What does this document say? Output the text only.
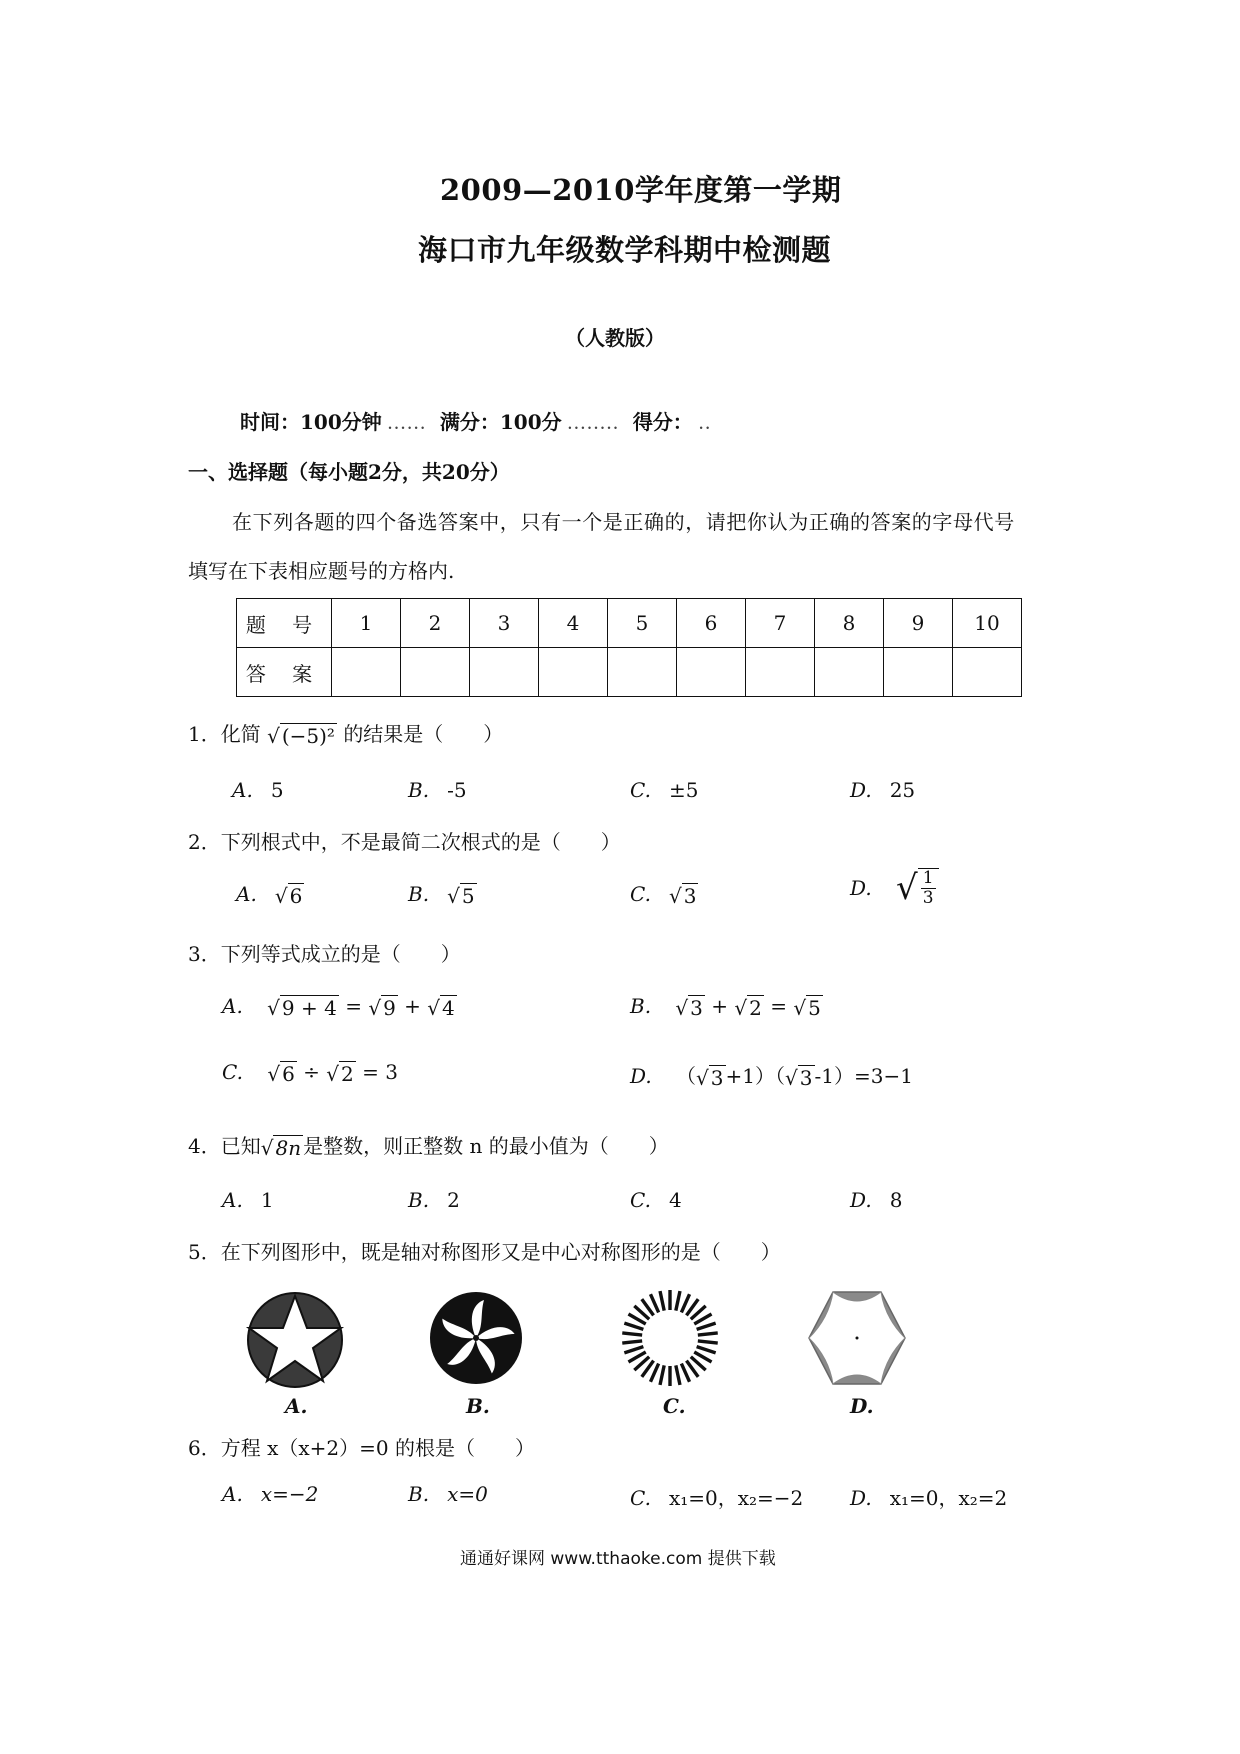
2009—2010学年度第一学期
海口市九年级数学科期中检测题
（人教版）
时间：100分钟 ...... 满分：100分 ........ 得分： ..
一、选择题（每小题2分，共20分）
在下列各题的四个备选答案中，只有一个是正确的，请把你认为正确的答案的字母代号
填写在下表相应题号的方格内.
题 号	1	2	3	4	5	6	7	8	9	10
答 案										
1．化简 √ (−5)² 的结果是（　　）
A. 5	B. -5	C. ±5	D. 25
2．下列根式中，不是最简二次根式的是（　　）
A. √ 6	B. √ 5	C. √ 3	D. √ $\frac{1}{3}$
3．下列等式成立的是（　　）
A. √ 9 + 4 = √ 9 + √ 4	B. √ 3 + √ 2 = √ 5
C. √ 6 ÷ √ 2 = 3	D. （√ 3 +1）（√ 3 -1）=3−1
4．已知√ 8n 是整数，则正整数 n 的最小值为（　　）
A. 1	B. 2	C. 4	D. 8
5．在下列图形中，既是轴对称图形又是中心对称图形的是（　　）
A.	B.	C.	D.
6．方程 x（x+2）=0 的根是（　　）
A. x=−2	B. x=0	C. x₁=0，x₂=−2 D. x₁=0，x₂=2
通通好课网 www.tthaoke.com 提供下载
